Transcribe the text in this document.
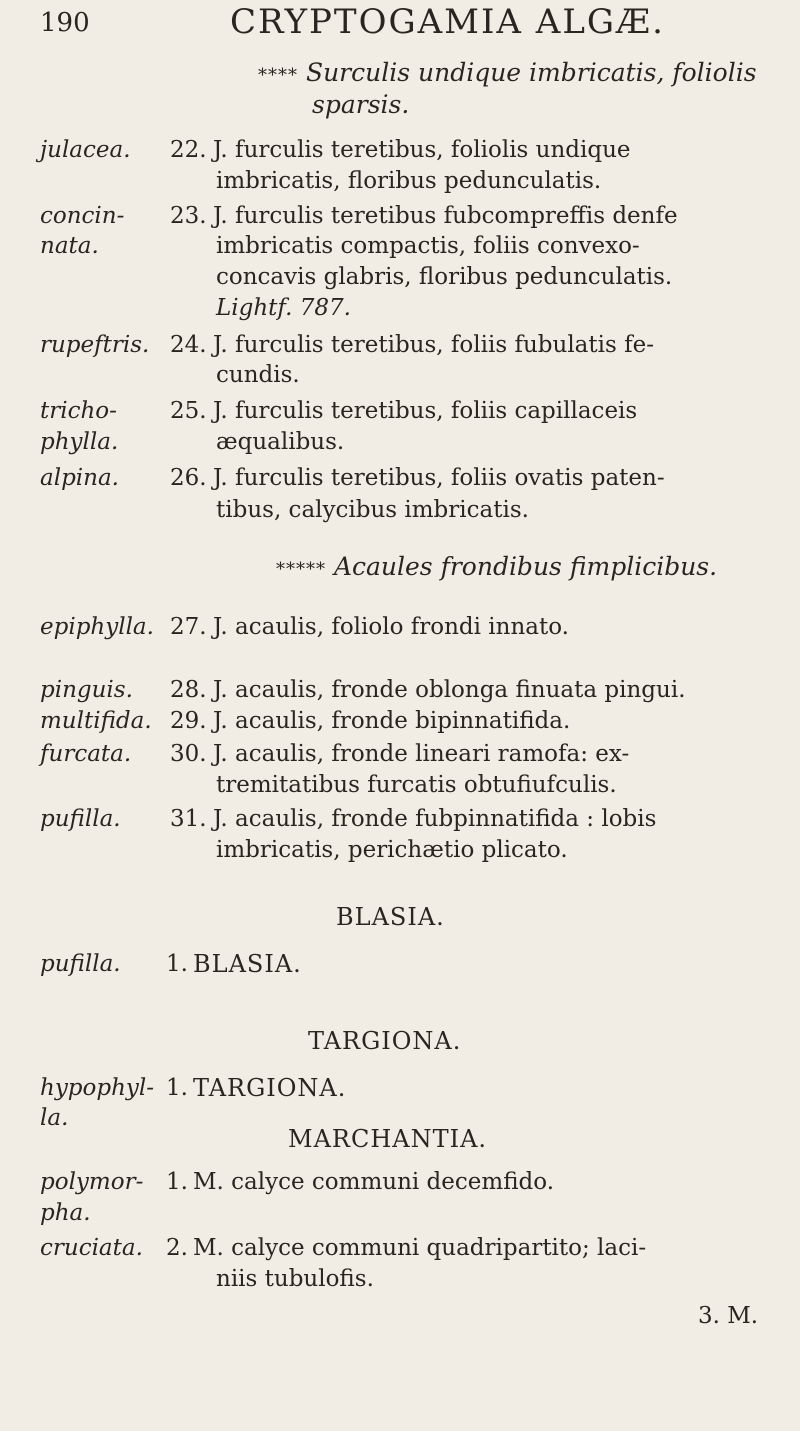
190	CRYPTOGAMIA ALGÆ.
**** Surculis undique imbricatis, foliolis
sparsis.
julacea. 22. J. furculis teretibus, foliolis undique
imbricatis, floribus pedunculatis.
concin-
nata.
23. J. furculis teretibus fubcompreffis denfe
imbricatis compactis, foliis convexo-
concavis glabris, floribus pedunculatis.
Lightf. 787.
rupeftris. 24. J. furculis teretibus, foliis fubulatis fe-
cundis.
tricho-
phylla.
25. J. furculis teretibus, foliis capillaceis
æqualibus.
alpina. 26. J. furculis teretibus, foliis ovatis paten-
tibus, calycibus imbricatis.
***** Acaules frondibus fimplicibus.
epiphylla. 27. J. acaulis, foliolo frondi innato.
pinguis. 28. J. acaulis, fronde oblonga finuata pingui.
multifida. 29. J. acaulis, fronde bipinnatifida.
furcata. 30. J. acaulis, fronde lineari ramofa: ex-
tremitatibus furcatis obtufiufculis.
pufilla. 31. J. acaulis, fronde fubpinnatifida : lobis
imbricatis, perichætio plicato.
BLASIA.
pufilla. 1. BLASIA.
TARGIONA.
hypophyl-
la.
1. TARGIONA.
MARCHANTIA.
polymor-
pha.
1. M. calyce communi decemfido.
cruciata. 2. M. calyce communi quadripartito; laci-
niis tubulofis.
3. M.
